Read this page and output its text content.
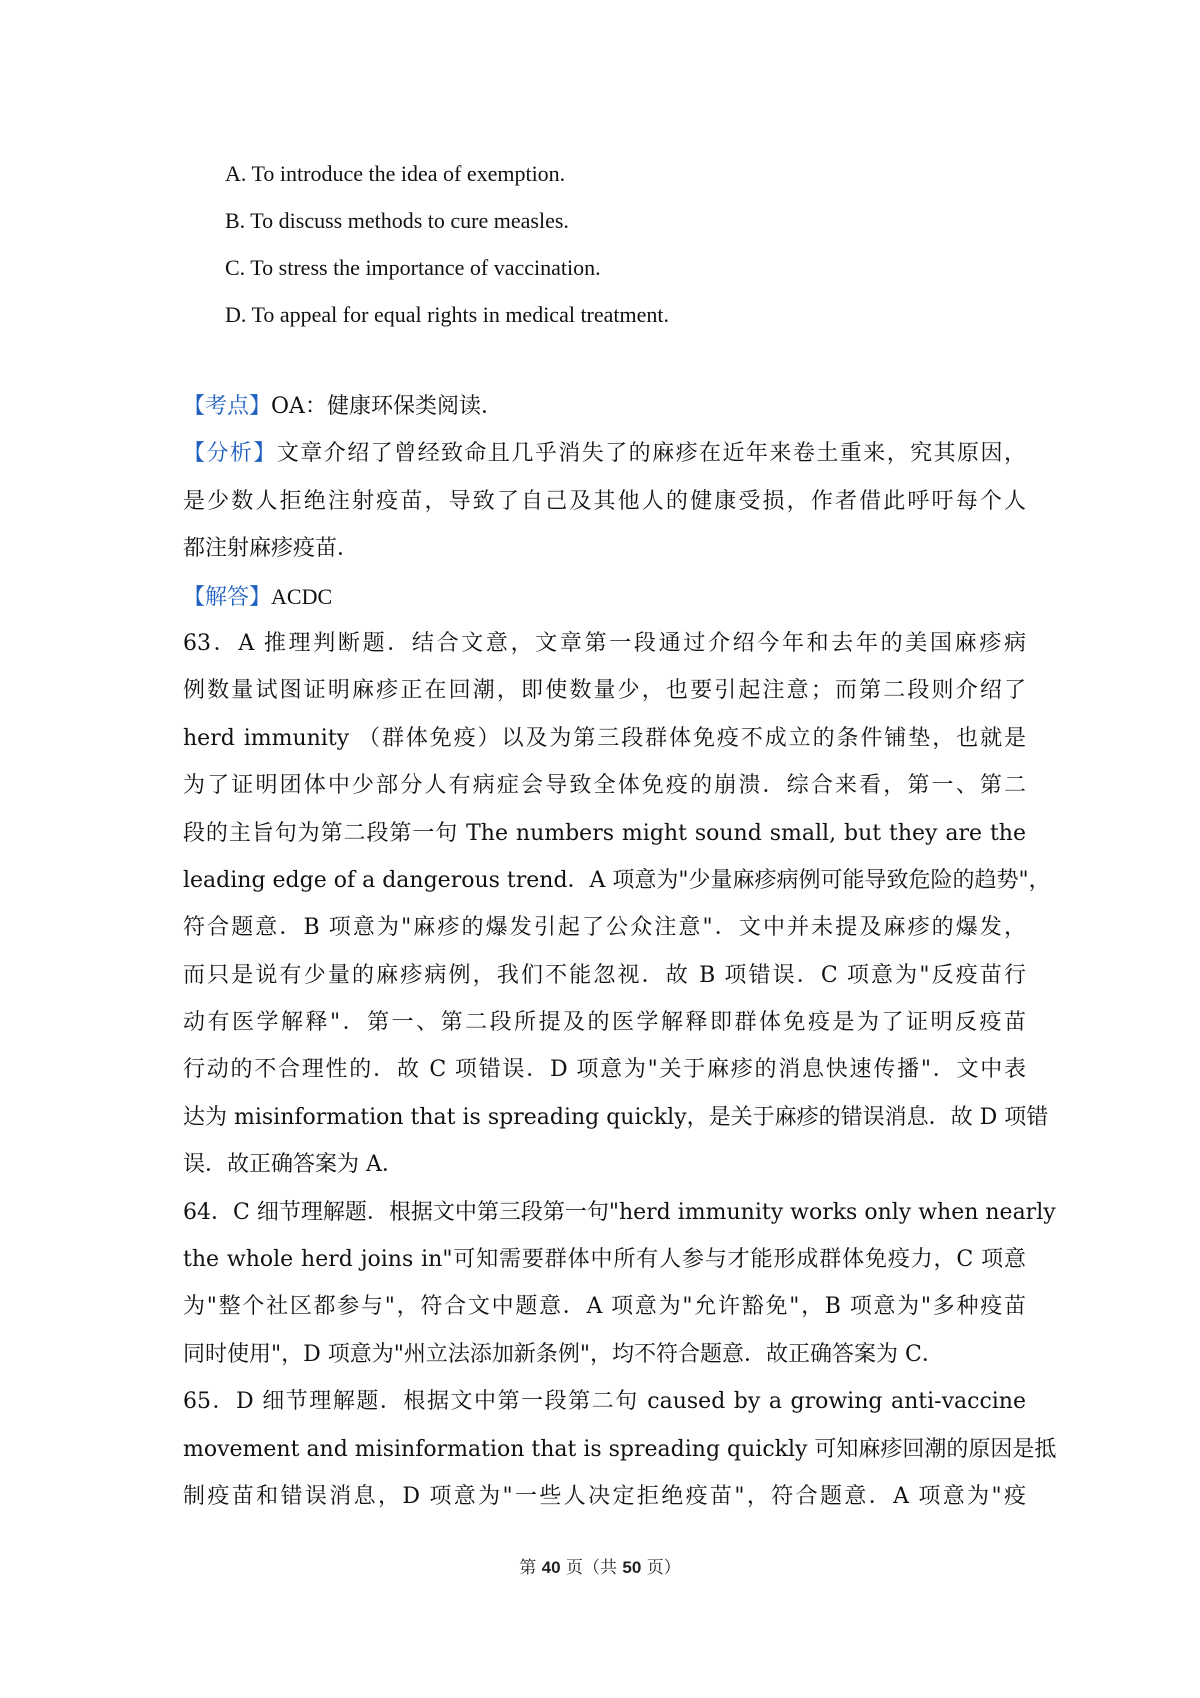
A. To introduce the idea of exemption.
B. To discuss methods to cure measles.
C. To stress the importance of vaccination.
D. To appeal for equal rights in medical treatment.
【考点】OA：健康环保类阅读．
【分析】文章介绍了曾经致命且几乎消失了的麻疹在近年来卷土重来，究其原因，
是少数人拒绝注射疫苗，导致了自己及其他人的健康受损，作者借此呼吁每个人
都注射麻疹疫苗．
【解答】ACDC
63．A 推理判断题．结合文意，文章第一段通过介绍今年和去年的美国麻疹病
例数量试图证明麻疹正在回潮，即使数量少，也要引起注意；而第二段则介绍了
herd immunity （群体免疫）以及为第三段群体免疫不成立的条件铺垫，也就是
为了证明团体中少部分人有病症会导致全体免疫的崩溃．综合来看，第一、第二
段的主旨句为第二段第一句 The numbers might sound small, but they are the
leading edge of a dangerous trend．A 项意为"少量麻疹病例可能导致危险的趋势"，
符合题意．B 项意为"麻疹的爆发引起了公众注意"．文中并未提及麻疹的爆发，
而只是说有少量的麻疹病例，我们不能忽视．故 B 项错误．C 项意为"反疫苗行
动有医学解释"．第一、第二段所提及的医学解释即群体免疫是为了证明反疫苗
行动的不合理性的．故 C 项错误．D 项意为"关于麻疹的消息快速传播"．文中表
达为 misinformation that is spreading quickly，是关于麻疹的错误消息．故 D 项错
误．故正确答案为 A．
64．C 细节理解题．根据文中第三段第一句"herd immunity works only when nearly
the whole herd joins in"可知需要群体中所有人参与才能形成群体免疫力，C 项意
为"整个社区都参与"，符合文中题意．A 项意为"允许豁免"，B 项意为"多种疫苗
同时使用"，D 项意为"州立法添加新条例"，均不符合题意．故正确答案为 C．
65．D 细节理解题．根据文中第一段第二句 caused by a growing anti-vaccine
movement and misinformation that is spreading quickly 可知麻疹回潮的原因是抵
制疫苗和错误消息，D 项意为"一些人决定拒绝疫苗"，符合题意．A 项意为"疫
第 40 页（共 50 页）
